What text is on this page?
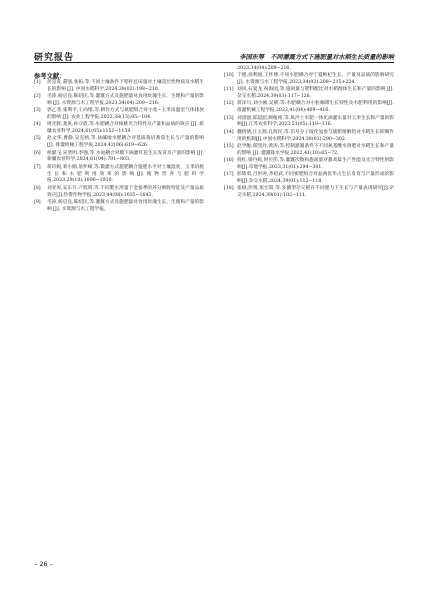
研究报告	李国东等　不同灌溉方式下施肥量对水稻生长质量的影响
参考文献：
[1]	彭是发,董强,张拓,等.不同土壤条件下秸秆还田量对土壤适层性物质及水稻生长的影响 [J]. 中国水稻科学,2024,38(02):198−210.
[2]	毛沛,杨启良,陈绍民,等.灌溉方式及施肥量对食用玫瑰生长、生理和产量的影响 [J]. 水资源与水工程学报,2023,34(04):209−216.
[3]	郭乙菲,张利平,王尚维,等.耕作方式与氮肥组合对小麦−玉米田温室气体排放的影响 [J]. 农业工程学报,2022,38(13):95−104.
[4]	周光辉,龚风,孙守盾,等.水肥耦合对核桃光合特性及产量和品质的效应 [J]. 新疆农业科学,2024,61(05):1151−1159.
[5]	赵文华,曹静,吴克炳,等.盐碱地水肥耦合对基质栽培番茄生长与产量的影响 [J]. 排灌机械工程学报,2024,42(06):619−626.
[6]	侯献飞,宋贤明,李强,等.水氮耦合对膜下滴灌红花生长发育及产量的影响 [J]. 新疆农业科学,2024,61(04):791−803.
[7]	蒋玲妮,刘小刚,易怀峰,等.微灌方式施肥耦合施肥水平对土壤湿度、玉米培植生长和水肥利用效率的影响[J].植物营养与肥料学报,2023,29(10):1896−1910.
[8]	刘亚男,安东升,产程明,等.不同肥水用量下金蚕季的养分吸收特征及产量品质效应[J].热带作物学报,2023,44(08):1635−1643.
[9]	毛沛,杨启良,陈绍民,等.灌溉方式及施肥量对食用玫瑰生长、生理和产量的影响 [J]. 水资源与水工程学报,
2023,34(04):209−216.
[10] 于德,徐利国,王怀博.不同水肥耦合对宁夏枸杞生长、产量及品质的影响研究 [J]. 水资源与水工程学报,2023,34(02):208−215+224.
[11] 刘风,石爱龙,祝海园,等.施氮量与肥料配比对水稻群体生长和产量的影响 [J]. 杂交水稻,2024,39(03):117−126.
[12] 蒋泽川,刘小刚,吴朝,等.水肥耦合对小粒咖啡生长特性及水肥利用的影响[J].排灌机械工程学报,2023,41(04):409−416.
[13] 刘富强,霍超韶,顾植裕,等.风沙土水肥一体化滴灌水量对玉米生长和产量的影响[J].江苏农业科学,2023,51(05):110−116.
[14] 魏倩倩,江玉源,孔海民,等.信号分子硫化氢参与硫肥缓解铝对水稻生长抑制作用的机制[J].中国水稻科学,2024,38(03):290−302.
[15] 赵学鲲,郑凯玲,黄涛,等.控制灌溉条件下不同氮基酸水溶肥对水稻生长和产量的影响 [J]. 灌溉排水学报,2022,41(10):65−72.
[16] 倪红,梁丹妮,时贝伟,等.灌溉次数和施氮量对甜高粱生产性能及光合特性的影响[J].草地学报,2023,31(01):294−301.
[17] 彰辉勇,吕洪涛,齐绍武,不同密肥组合对晶两优华占生长发育与产量形成的影响[J].杂交水稻,2024,39(01):112−118.
[18] 张稳,彭悦,张宏阳,等.多播型杂交稻在不同肥力下生长与产量表现研究[J].杂交水稻,2024,39(01):102−111.
– 26 –
